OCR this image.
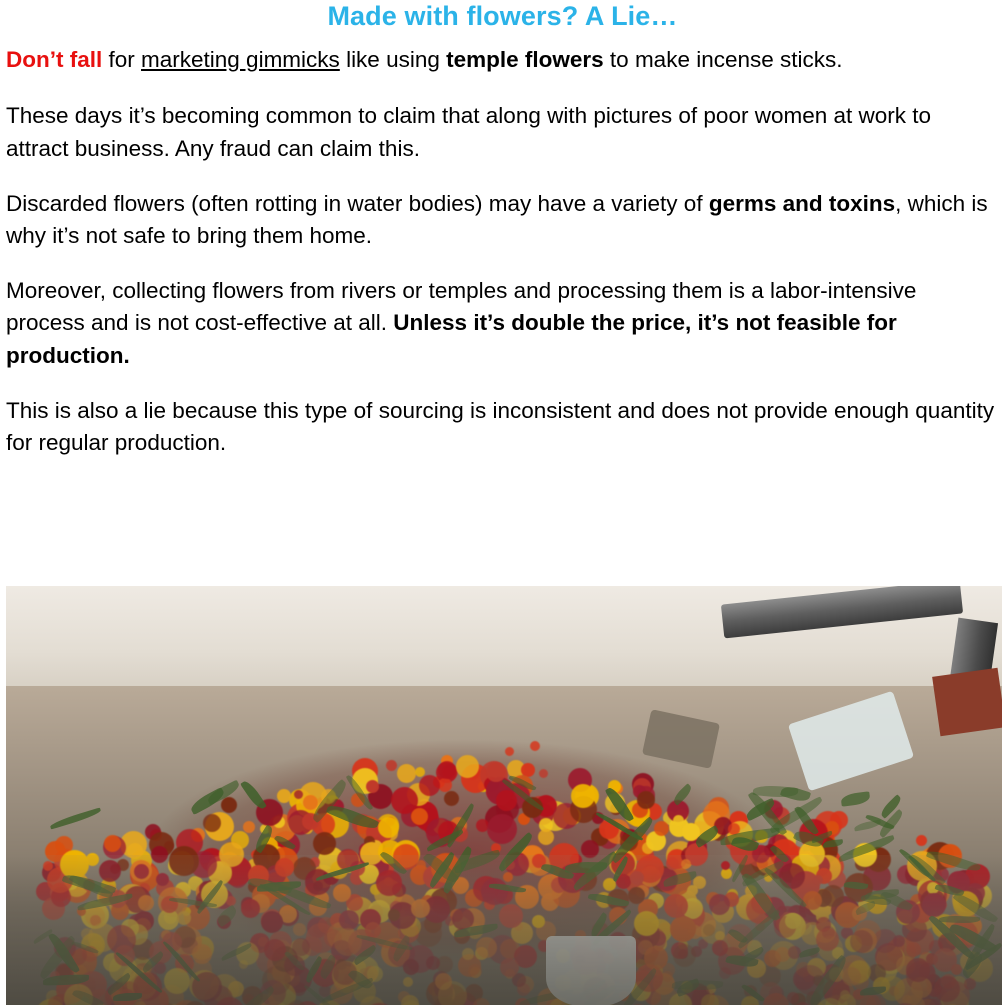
Made with flowers? A Lie…

Don’t fall for marketing gimmicks like using temple flowers to make incense sticks.

These days it’s becoming common to claim that along with pictures of poor women at work to attract business. Any fraud can claim this.

Discarded flowers (often rotting in water bodies) may have a variety of germs and toxins, which is why it’s not safe to bring them home.

Moreover, collecting flowers from rivers or temples and processing them is a labor-intensive process and is not cost-effective at all. Unless it’s double the price, it’s not feasible for production.

This is also a lie because this type of sourcing is inconsistent and does not provide enough quantity for regular production.
